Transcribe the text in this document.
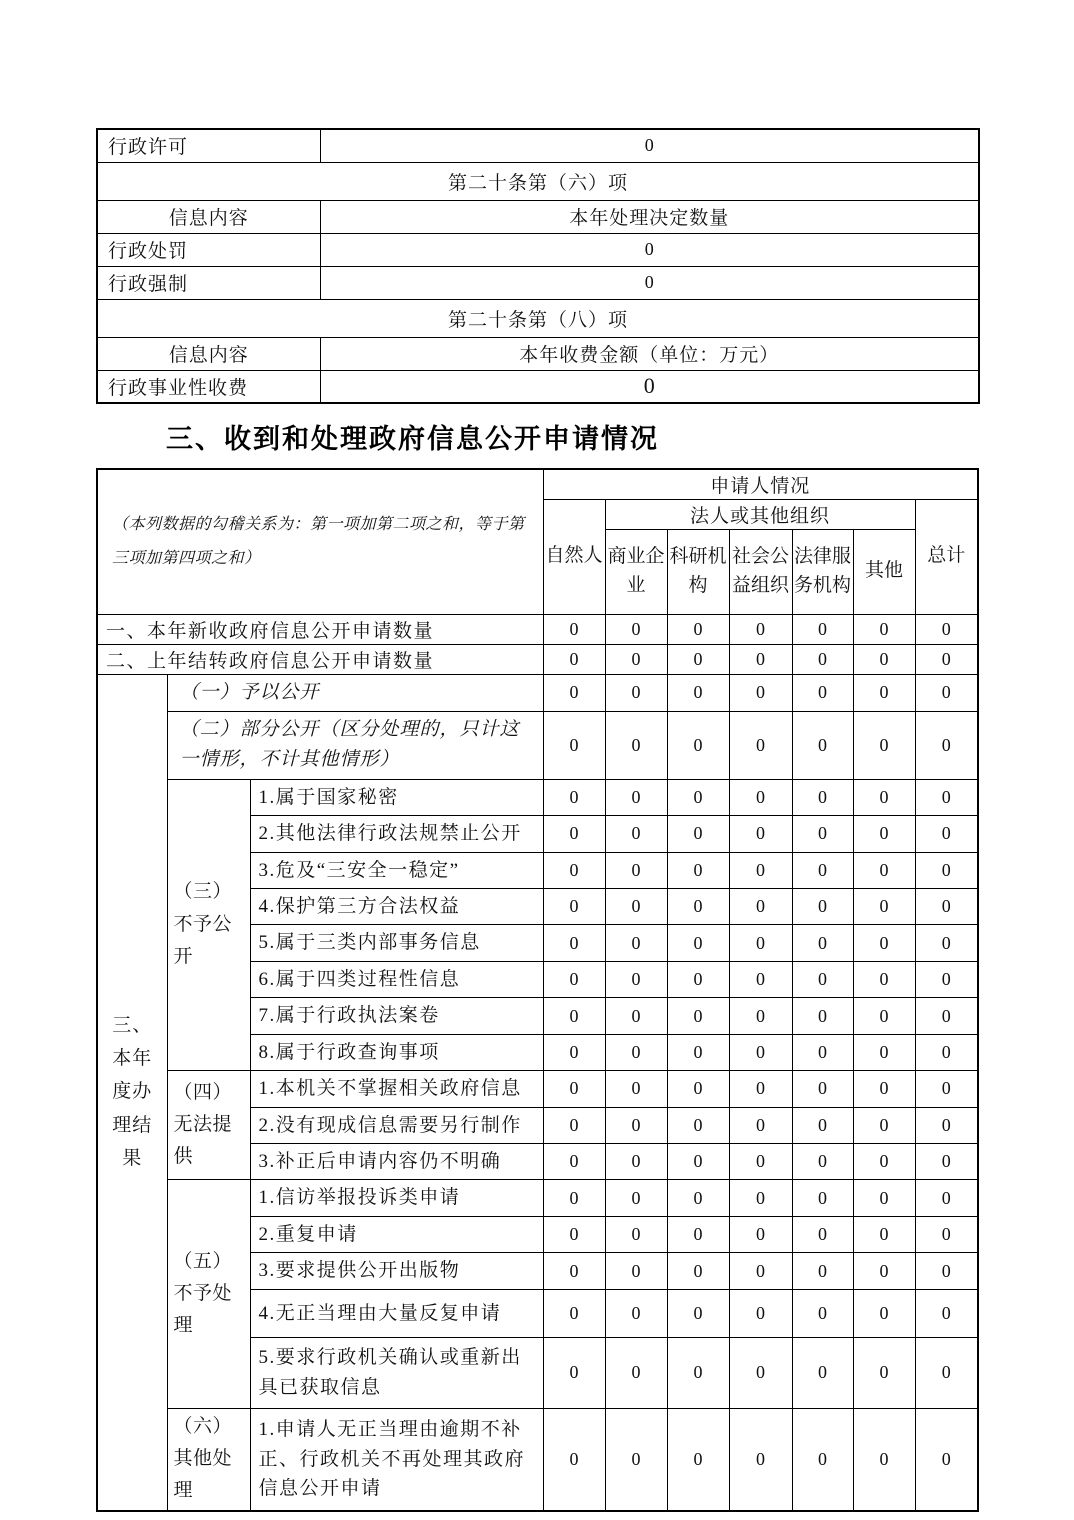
行政许可	0
第二十条第（六）项	
信息内容	本年处理决定数量
行政处罚	0
行政强制	0
第二十条第（八）项	
信息内容	本年收费金额（单位：万元）
行政事业性收费	0
三、收到和处理政府信息公开申请情况
（本列数据的勾稽关系为：第一项加第二项之和，等于第三项加第四项之和）			申请人情况						
			自然人	法人或其他组织					总计
				商业企业	科研机构	社会公益组织	法律服务机构	其他	
一、本年新收政府信息公开申请数量			0	0	0	0	0	0	0
二、上年结转政府信息公开申请数量			0	0	0	0	0	0	0
三、本年度办理结果	（一）予以公开		0	0	0	0	0	0	0
	（二）部分公开（区分处理的，只计这一情形，不计其他情形）		0	0	0	0	0	0	0
	（三）不予公开	1.属于国家秘密	0	0	0	0	0	0	0
		2.其他法律行政法规禁止公开	0	0	0	0	0	0	0
		3.危及“三安全一稳定”	0	0	0	0	0	0	0
		4.保护第三方合法权益	0	0	0	0	0	0	0
		5.属于三类内部事务信息	0	0	0	0	0	0	0
		6.属于四类过程性信息	0	0	0	0	0	0	0
		7.属于行政执法案卷	0	0	0	0	0	0	0
		8.属于行政查询事项	0	0	0	0	0	0	0
	（四）无法提供	1.本机关不掌握相关政府信息	0	0	0	0	0	0	0
		2.没有现成信息需要另行制作	0	0	0	0	0	0	0
		3.补正后申请内容仍不明确	0	0	0	0	0	0	0
	（五）不予处理	1.信访举报投诉类申请	0	0	0	0	0	0	0
		2.重复申请	0	0	0	0	0	0	0
		3.要求提供公开出版物	0	0	0	0	0	0	0
		4.无正当理由大量反复申请	0	0	0	0	0	0	0
		5.要求行政机关确认或重新出具已获取信息	0	0	0	0	0	0	0
	（六）其他处理	1.申请人无正当理由逾期不补正、行政机关不再处理其政府信息公开申请	0	0	0	0	0	0	0
